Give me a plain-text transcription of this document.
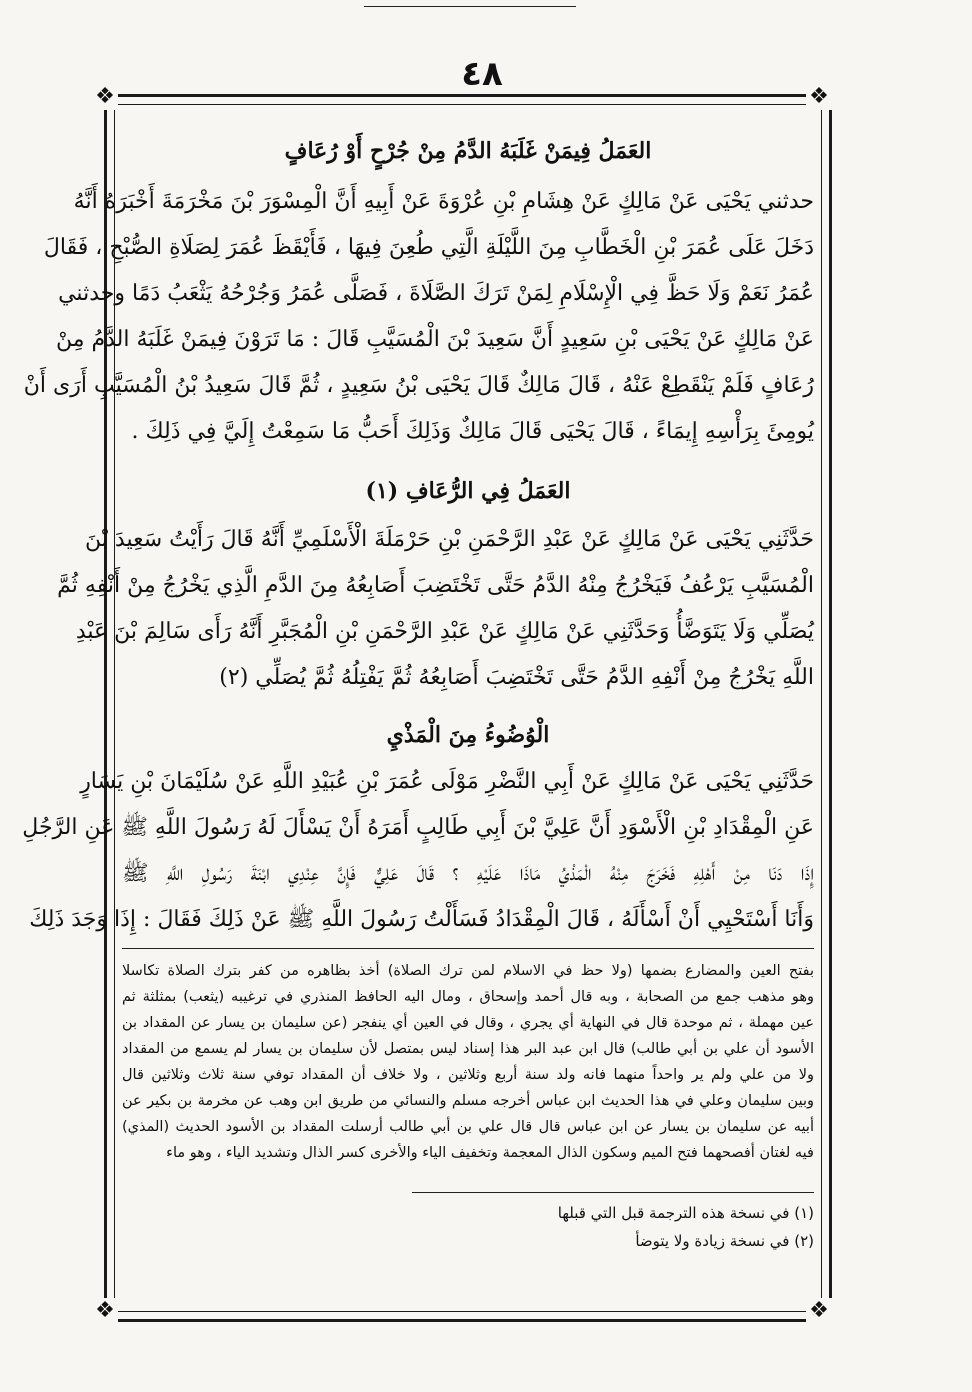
٤٨
❖	❖
❖	❖
العَمَلُ فِيمَنْ غَلَبَهُ الدَّمُ مِنْ جُرْحٍ أَوْ رُعَافٍ
حدثني يَحْيَى عَنْ مَالِكٍ عَنْ هِشَامِ بْنِ عُرْوَةَ عَنْ أَبِيهِ أَنَّ الْمِسْوَرَ بْنَ مَخْرَمَةَ أَخْبَرَهُ أَنَّهُ
دَخَلَ عَلَى عُمَرَ بْنِ الْخَطَّابِ مِنَ اللَّيْلَةِ الَّتِي طُعِنَ فِيهَا ، فَأَيْقَظَ عُمَرَ لِصَلَاةِ الصُّبْحِ ، فَقَالَ
عُمَرُ نَعَمْ وَلَا حَظَّ فِي الْإِسْلَامِ لِمَنْ تَرَكَ الصَّلَاةَ ، فَصَلَّى عُمَرُ وَجُرْحُهُ يَثْعَبُ دَمًا وحدثني
عَنْ مَالِكٍ عَنْ يَحْيَى بْنِ سَعِيدٍ أَنَّ سَعِيدَ بْنَ الْمُسَيَّبِ قَالَ : مَا تَرَوْنَ فِيمَنْ غَلَبَهُ الدَّمُ مِنْ
رُعَافٍ فَلَمْ يَنْقَطِعْ عَنْهُ ، قَالَ مَالِكٌ قَالَ يَحْيَى بْنُ سَعِيدٍ ، ثُمَّ قَالَ سَعِيدُ بْنُ الْمُسَيَّبِ أَرَى أَنْ
يُومِئَ بِرَأْسِهِ إِيمَاءً ، قَالَ يَحْيَى قَالَ مَالِكٌ وَذَلِكَ أَحَبُّ مَا سَمِعْتُ إِلَيَّ فِي ذَلِكَ .
العَمَلُ فِي الرُّعَافِ (١)
حَدَّثَنِي يَحْيَى عَنْ مَالِكٍ عَنْ عَبْدِ الرَّحْمَنِ بْنِ حَرْمَلَةَ الْأَسْلَمِيِّ أَنَّهُ قَالَ رَأَيْتُ سَعِيدَ بْنَ
الْمُسَيَّبِ يَرْعُفُ فَيَخْرُجُ مِنْهُ الدَّمُ حَتَّى تَخْتَضِبَ أَصَابِعُهُ مِنَ الدَّمِ الَّذِي يَخْرُجُ مِنْ أَنْفِهِ ثُمَّ
يُصَلِّي وَلَا يَتَوَضَّأُ وَحَدَّثَنِي عَنْ مَالِكٍ عَنْ عَبْدِ الرَّحْمَنِ بْنِ الْمُجَبَّرِ أَنَّهُ رَأَى سَالِمَ بْنَ عَبْدِ
اللَّهِ يَخْرُجُ مِنْ أَنْفِهِ الدَّمُ حَتَّى تَخْتَضِبَ أَصَابِعُهُ ثُمَّ يَفْتِلُهُ ثُمَّ يُصَلِّي (٢)
الْوُضُوءُ مِنَ الْمَذْيِ
حَدَّثَنِي يَحْيَى عَنْ مَالِكٍ عَنْ أَبِي النَّضْرِ مَوْلَى عُمَرَ بْنِ عُبَيْدِ اللَّهِ عَنْ سُلَيْمَانَ بْنِ يَسَارٍ
عَنِ الْمِقْدَادِ بْنِ الْأَسْوَدِ أَنَّ عَلِيَّ بْنَ أَبِي طَالِبٍ أَمَرَهُ أَنْ يَسْأَلَ لَهُ رَسُولَ اللَّهِ ﷺ عَنِ الرَّجُلِ
إِذَا دَنَا مِنْ أَهْلِهِ فَخَرَجَ مِنْهُ الْمَذْيُ مَاذَا عَلَيْهِ ؟ قَالَ عَلِيٌّ فَإِنَّ عِنْدِي ابْنَةَ رَسُولِ اللَّهِ ﷺ
وَأَنَا أَسْتَحْيِي أَنْ أَسْأَلَهُ ، قَالَ الْمِقْدَادُ فَسَأَلْتُ رَسُولَ اللَّهِ ﷺ عَنْ ذَلِكَ فَقَالَ : إِذَا وَجَدَ ذَلِكَ
بفتح العين والمضارع بضمها (ولا حظ في الاسلام لمن ترك الصلاة) أخذ بظاهره من كفر بترك الصلاة تكاسلا
وهو مذهب جمع من الصحابة ، وبه قال أحمد وإسحاق ، ومال اليه الحافظ المنذري في ترغيبه (يثعب) بمثلثة ثم
عين مهملة ، ثم موحدة قال في النهاية أي يجري ، وقال في العين أي ينفجر (عن سليمان بن يسار عن المقداد بن
الأسود أن علي بن أبي طالب) قال ابن عبد البر هذا إسناد ليس بمتصل لأن سليمان بن يسار لم يسمع من المقداد
ولا من علي ولم ير واحداً منهما فانه ولد سنة أربع وثلاثين ، ولا خلاف أن المقداد توفي سنة ثلاث وثلاثين قال
وبين سليمان وعلي في هذا الحديث ابن عباس أخرجه مسلم والنسائي من طريق ابن وهب عن مخرمة بن بكير عن
أبيه عن سليمان بن يسار عن ابن عباس قال قال علي بن أبي طالب أرسلت المقداد بن الأسود الحديث (المذي)
فيه لغتان أفصحهما فتح الميم وسكون الذال المعجمة وتخفيف الياء والأخرى كسر الذال وتشديد الياء ، وهو ماء
(١) في نسخة هذه الترجمة قبل التي قبلها
(٢) في نسخة زيادة ولا يتوضأ
